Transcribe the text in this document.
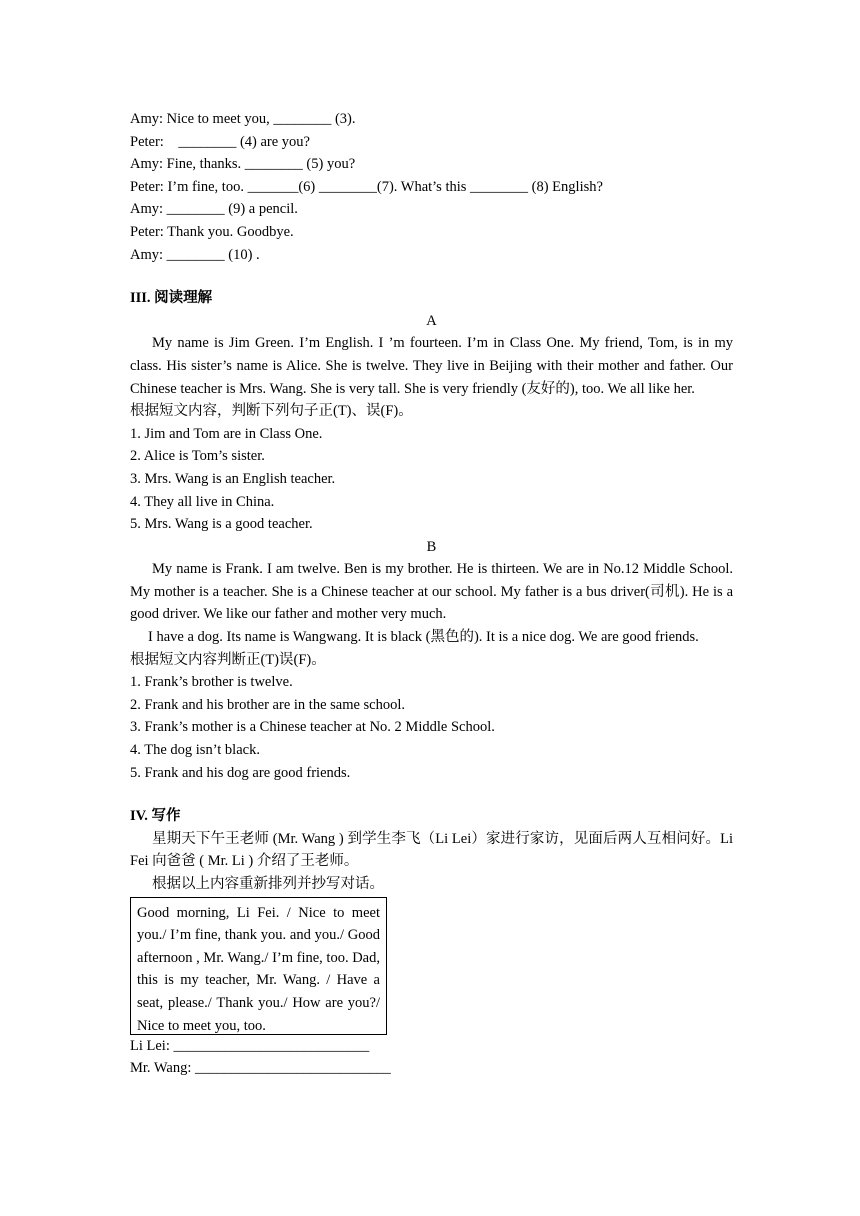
Amy: Nice to meet you, ________ (3).
Peter:    ________ (4) are you?
Amy: Fine, thanks. ________ (5) you?
Peter: I’m fine, too. _______(6) ________(7). What’s this ________ (8) English?
Amy: ________ (9) a pencil.
Peter: Thank you. Goodbye.
Amy: ________ (10) .
III. 阅读理解
A
My name is Jim Green. I’m English. I ’m fourteen. I’m in Class One. My friend, Tom, is in my class. His sister’s name is Alice. She is twelve. They live in Beijing with their mother and father. Our Chinese teacher is Mrs. Wang. She is very tall. She is very friendly (友好的), too. We all like her.
根据短文内容，判断下列句子正(T)、误(F)。
1. Jim and Tom are in Class One.
2. Alice is Tom’s sister.
3. Mrs. Wang is an English teacher.
4. They all live in China.
5. Mrs. Wang is a good teacher.
B
My name is Frank. I am twelve. Ben is my brother. He is thirteen. We are in No.12 Middle School. My mother is a teacher. She is a Chinese teacher at our school. My father is a bus driver(司机). He is a good driver. We like our father and mother very much.
I have a dog. Its name is Wangwang. It is black (黑色的). It is a nice dog. We are good friends.
根据短文内容判断正(T)误(F)。
1. Frank’s brother is twelve.
2. Frank and his brother are in the same school.
3. Frank’s mother is a Chinese teacher at No. 2 Middle School.
4. The dog isn’t black.
5. Frank and his dog are good friends.
IV. 写作
星期天下午王老师 (Mr. Wang ) 到学生李飞（Li Lei）家进行家访，见面后两人互相问好。Li Fei 向爸爸 ( Mr. Li ) 介绍了王老师。
根据以上内容重新排列并抄写对话。
Good morning, Li Fei. / Nice to meet you./ I’m fine, thank you. and you./ Good afternoon , Mr. Wang./ I’m fine, too. Dad, this is my teacher, Mr. Wang. / Have a seat, please./ Thank you./ How are you?/ Nice to meet you, too.
Li Lei: ___________________________
Mr. Wang: ___________________________
